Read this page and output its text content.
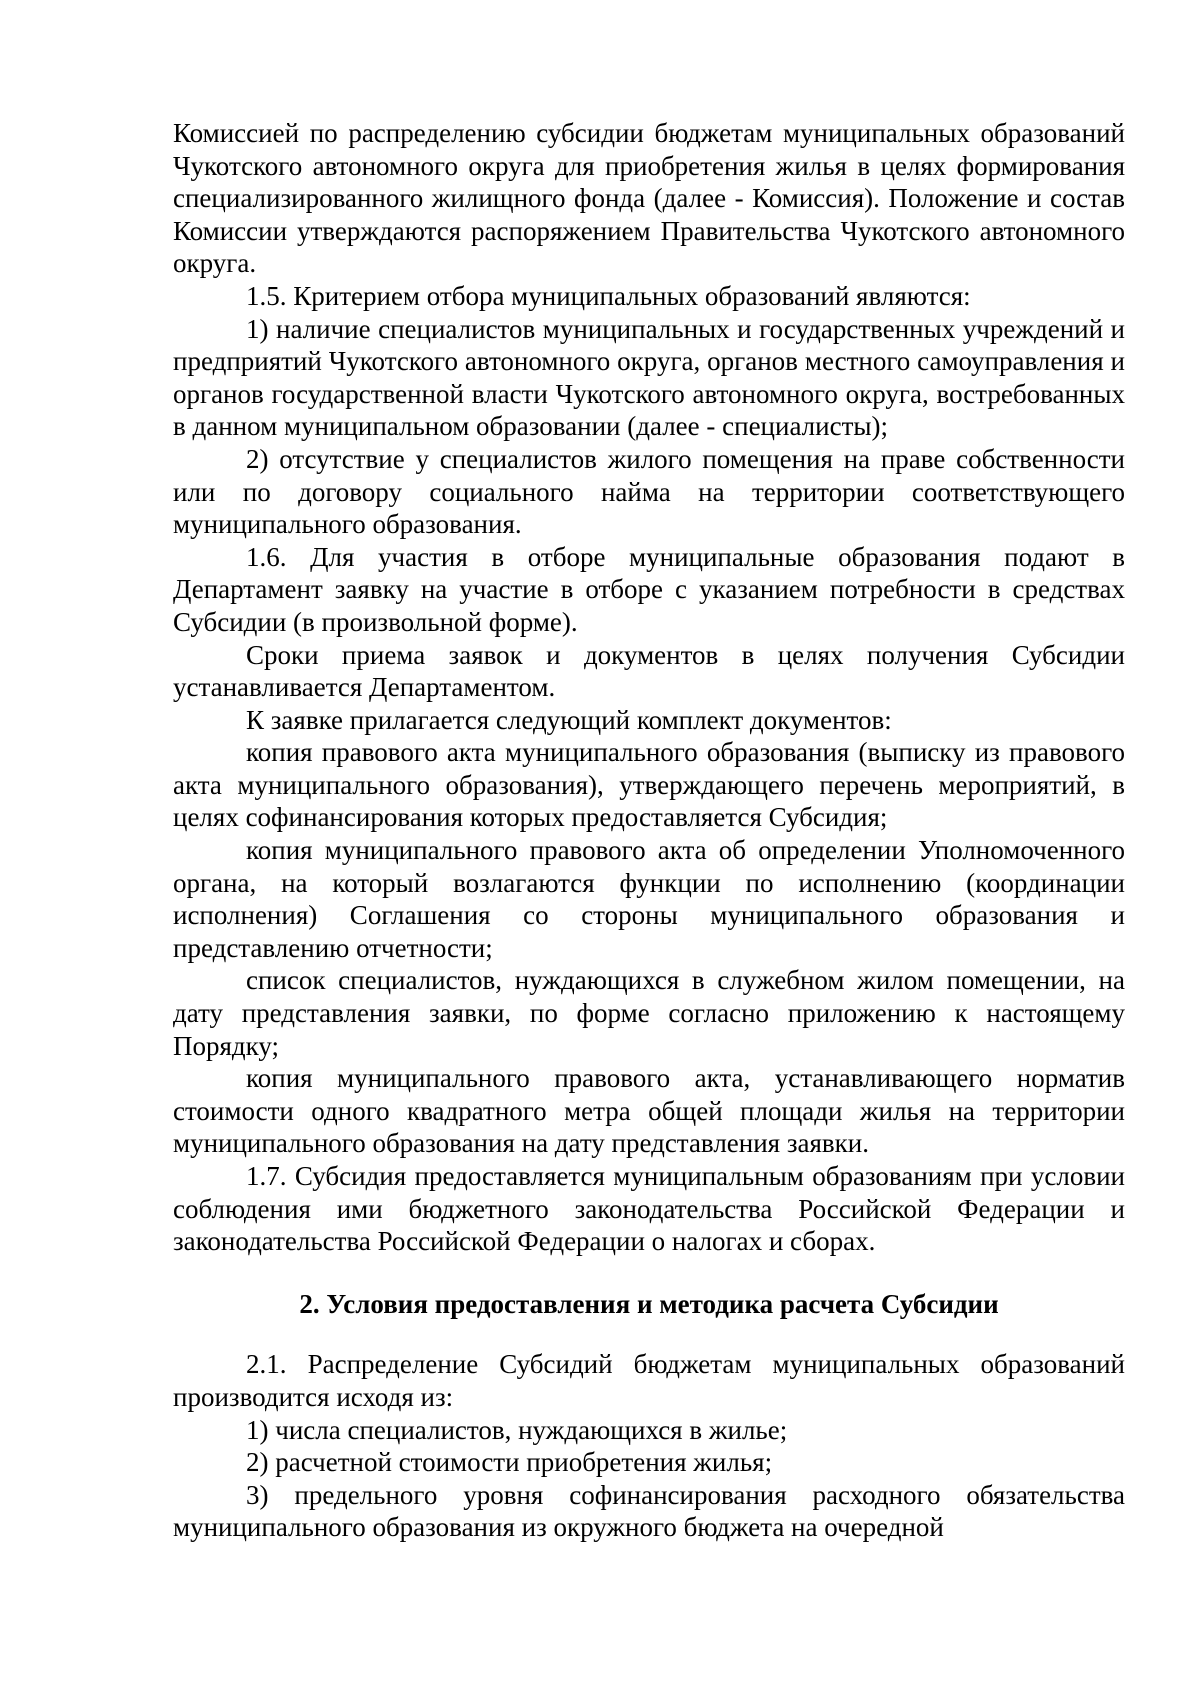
Комиссией по распределению субсидии бюджетам муниципальных образований Чукотского автономного округа для приобретения жилья в целях формирования специализированного жилищного фонда (далее - Комиссия). Положение и состав Комиссии утверждаются распоряжением Правительства Чукотского автономного округа.

1.5. Критерием отбора муниципальных образований являются:

1) наличие специалистов муниципальных и государственных учреждений и предприятий Чукотского автономного округа, органов местного самоуправления и органов государственной власти Чукотского автономного округа, востребованных в данном муниципальном образовании (далее - специалисты);

2) отсутствие у специалистов жилого помещения на праве собственности или по договору социального найма на территории соответствующего муниципального образования.

1.6. Для участия в отборе муниципальные образования подают в Департамент заявку на участие в отборе с указанием потребности в средствах Субсидии (в произвольной форме).

Сроки приема заявок и документов в целях получения Субсидии устанавливается Департаментом.

К заявке прилагается следующий комплект документов:

копия правового акта муниципального образования (выписку из правового акта муниципального образования), утверждающего перечень мероприятий, в целях софинансирования которых предоставляется Субсидия;

копия муниципального правового акта об определении Уполномоченного органа, на который возлагаются функции по исполнению (координации исполнения) Соглашения со стороны муниципального образования и представлению отчетности;

список специалистов, нуждающихся в служебном жилом помещении, на дату представления заявки, по форме согласно приложению к настоящему Порядку;

копия муниципального правового акта, устанавливающего норматив стоимости одного квадратного метра общей площади жилья на территории муниципального образования на дату представления заявки.

1.7. Субсидия предоставляется муниципальным образованиям при условии соблюдения ими бюджетного законодательства Российской Федерации и законодательства Российской Федерации о налогах и сборах.

2. Условия предоставления и методика расчета Субсидии

2.1. Распределение Субсидий бюджетам муниципальных образований производится исходя из:

1) числа специалистов, нуждающихся в жилье;

2) расчетной стоимости приобретения жилья;

3) предельного уровня софинансирования расходного обязательства муниципального образования из окружного бюджета на очередной
